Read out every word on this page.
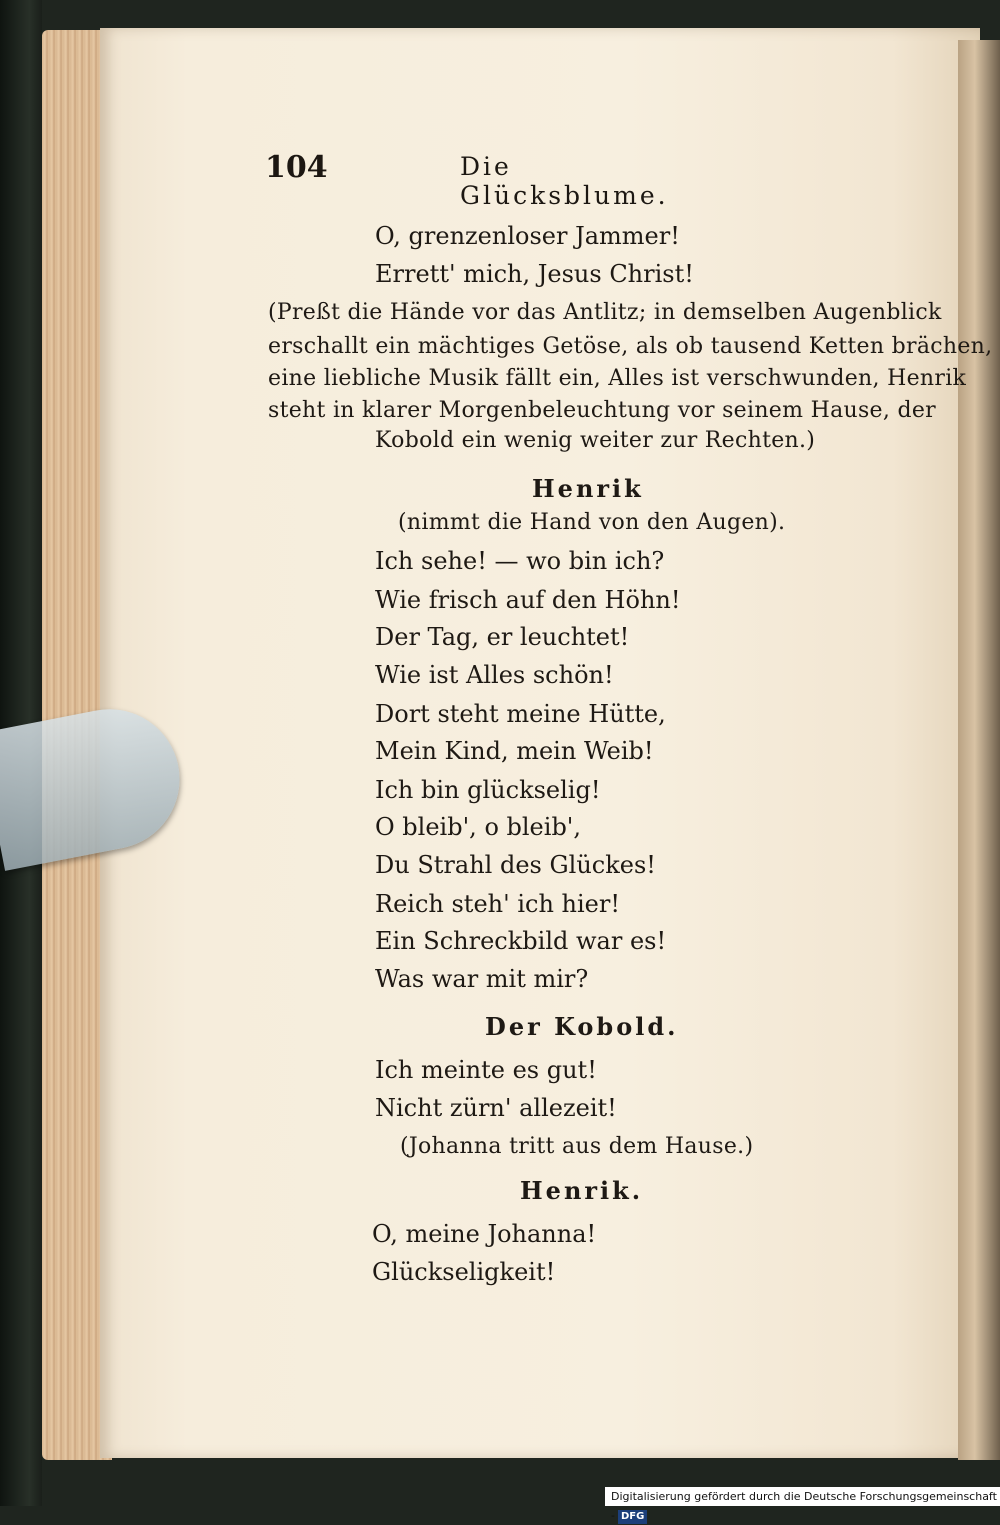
104	Die Glücksblume.
O, grenzenloser Jammer!
Errett' mich, Jesus Christ!
(Preßt die Hände vor das Antlitz; in demselben Augenblick
erschallt ein mächtiges Getöse, als ob tausend Ketten brächen,
eine liebliche Musik fällt ein, Alles ist verschwunden, Henrik
steht in klarer Morgenbeleuchtung vor seinem Hause, der
Kobold ein wenig weiter zur Rechten.)
Henrik
(nimmt die Hand von den Augen).
Ich sehe! — wo bin ich?
Wie frisch auf den Höhn!
Der Tag, er leuchtet!
Wie ist Alles schön!
Dort steht meine Hütte,
Mein Kind, mein Weib!
Ich bin glückselig!
O bleib', o bleib',
Du Strahl des Glückes!
Reich steh' ich hier!
Ein Schreckbild war es!
Was war mit mir?
Der Kobold.
Ich meinte es gut!
Nicht zürn' allezeit!
(Johanna tritt aus dem Hause.)
Henrik.
O, meine Johanna!
Glückseligkeit!
Digitalisierung gefördert durch die Deutsche Forschungsgemeinschaft - DFG
